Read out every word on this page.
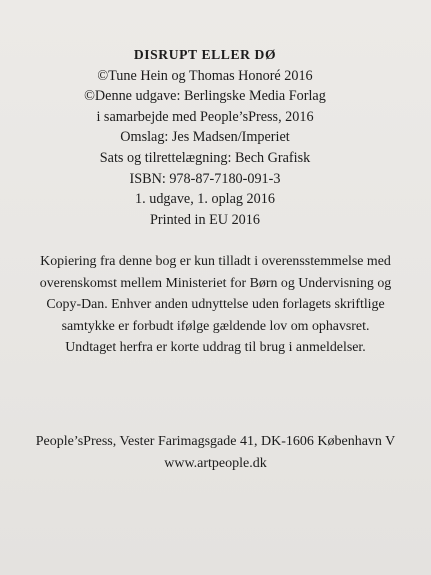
DISRUPT ELLER DØ
©Tune Hein og Thomas Honoré 2016
©Denne udgave: Berlingske Media Forlag
i samarbejde med People’sPress, 2016
Omslag: Jes Madsen/Imperiet
Sats og tilrettelægning: Bech Grafisk
ISBN: 978-87-7180-091-3
1. udgave, 1. oplag 2016
Printed in EU 2016
Kopiering fra denne bog er kun tilladt i overensstemmelse med
overenskomst mellem Ministeriet for Børn og Undervisning og
Copy-Dan. Enhver anden udnyttelse uden forlagets skriftlige
samtykke er forbudt ifølge gældende lov om ophavsret.
Undtaget herfra er korte uddrag til brug i anmeldelser.
People’sPress, Vester Farimagsgade 41, DK-1606 København V
www.artpeople.dk
